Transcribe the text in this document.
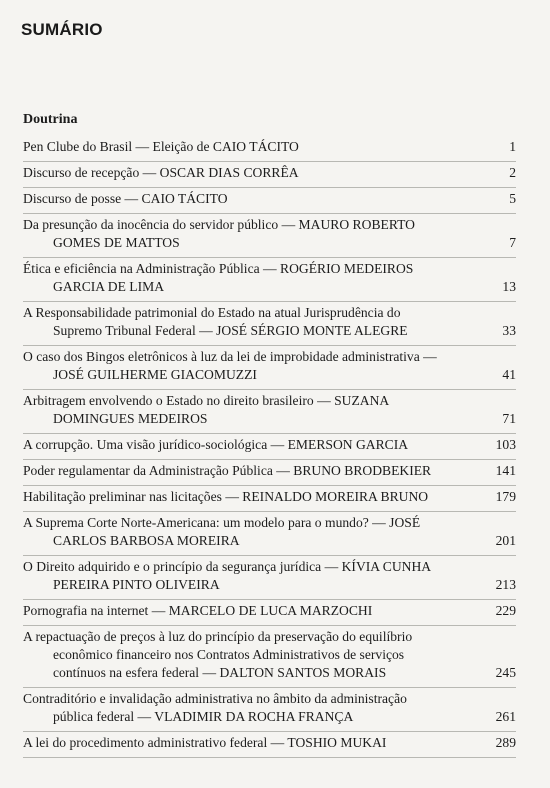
SUMÁRIO
Doutrina
Pen Clube do Brasil — Eleição de CAIO TÁCITO	1
Discurso de recepção — OSCAR DIAS CORRÊA	2
Discurso de posse — CAIO TÁCITO	5
Da presunção da inocência do servidor público — MAURO ROBERTO
GOMES DE MATTOS	7
Ética e eficiência na Administração Pública — ROGÉRIO MEDEIROS
GARCIA DE LIMA	13
A Responsabilidade patrimonial do Estado na atual Jurisprudência do
Supremo Tribunal Federal — JOSÉ SÉRGIO MONTE ALEGRE	33
O caso dos Bingos eletrônicos à luz da lei de improbidade administrativa —
JOSÉ GUILHERME GIACOMUZZI	41
Arbitragem envolvendo o Estado no direito brasileiro — SUZANA
DOMINGUES MEDEIROS	71
A corrupção. Uma visão jurídico-sociológica — EMERSON GARCIA	103
Poder regulamentar da Administração Pública — BRUNO BRODBEKIER	141
Habilitação preliminar nas licitações — REINALDO MOREIRA BRUNO	179
A Suprema Corte Norte-Americana: um modelo para o mundo? — JOSÉ
CARLOS BARBOSA MOREIRA	201
O Direito adquirido e o princípio da segurança jurídica — KÍVIA CUNHA
PEREIRA PINTO OLIVEIRA	213
Pornografia na internet — MARCELO DE LUCA MARZOCHI	229
A repactuação de preços à luz do princípio da preservação do equilíbrio
econômico financeiro nos Contratos Administrativos de serviços
contínuos na esfera federal — DALTON SANTOS MORAIS	245
Contraditório e invalidação administrativa no âmbito da administração
pública federal — VLADIMIR DA ROCHA FRANÇA	261
A lei do procedimento administrativo federal — TOSHIO MUKAI	289
